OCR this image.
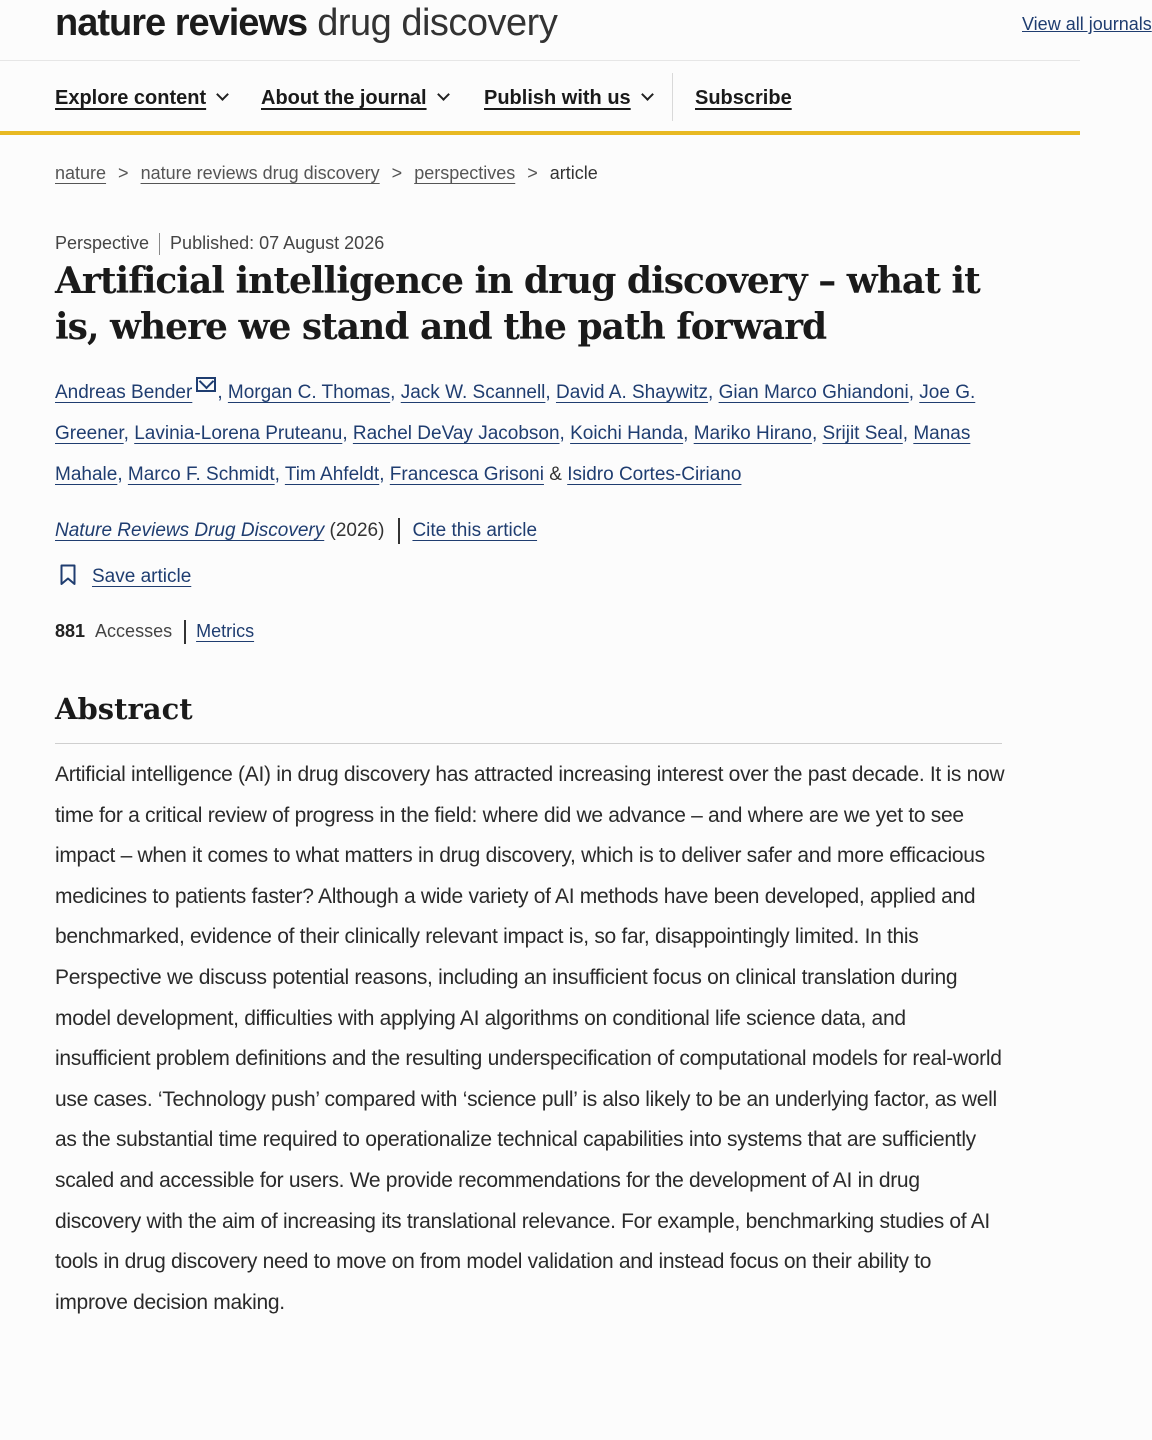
nature reviews drug discovery	View all journals
Explore content	About the journal	Publish with us	Subscribe
nature > nature reviews drug discovery > perspectives > article
Perspective Published: 07 August 2026
Artificial intelligence in drug discovery – what it is, where we stand and the path forward
Andreas Bender , Morgan C. Thomas, Jack W. Scannell, David A. Shaywitz, Gian Marco Ghiandoni, Joe G. Greener, Lavinia-Lorena Pruteanu, Rachel DeVay Jacobson, Koichi Handa, Mariko Hirano, Srijit Seal, Manas Mahale, Marco F. Schmidt, Tim Ahfeldt, Francesca Grisoni & Isidro Cortes-Ciriano
Nature Reviews Drug Discovery (2026) Cite this article
Save article
881 Accesses Metrics
Abstract

Artificial intelligence (AI) in drug discovery has attracted increasing interest over the past decade. It is now time for a critical review of progress in the field: where did we advance – and where are we yet to see impact – when it comes to what matters in drug discovery, which is to deliver safer and more efficacious medicines to patients faster? Although a wide variety of AI methods have been developed, applied and benchmarked, evidence of their clinically relevant impact is, so far, disappointingly limited. In this Perspective we discuss potential reasons, including an insufficient focus on clinical translation during model development, difficulties with applying AI algorithms on conditional life science data, and insufficient problem definitions and the resulting underspecification of computational models for real-world use cases. ‘Technology push’ compared with ‘science pull’ is also likely to be an underlying factor, as well as the substantial time required to operationalize technical capabilities into systems that are sufficiently scaled and accessible for users. We provide recommendations for the development of AI in drug discovery with the aim of increasing its translational relevance. For example, benchmarking studies of AI tools in drug discovery need to move on from model validation and instead focus on their ability to improve decision making.
